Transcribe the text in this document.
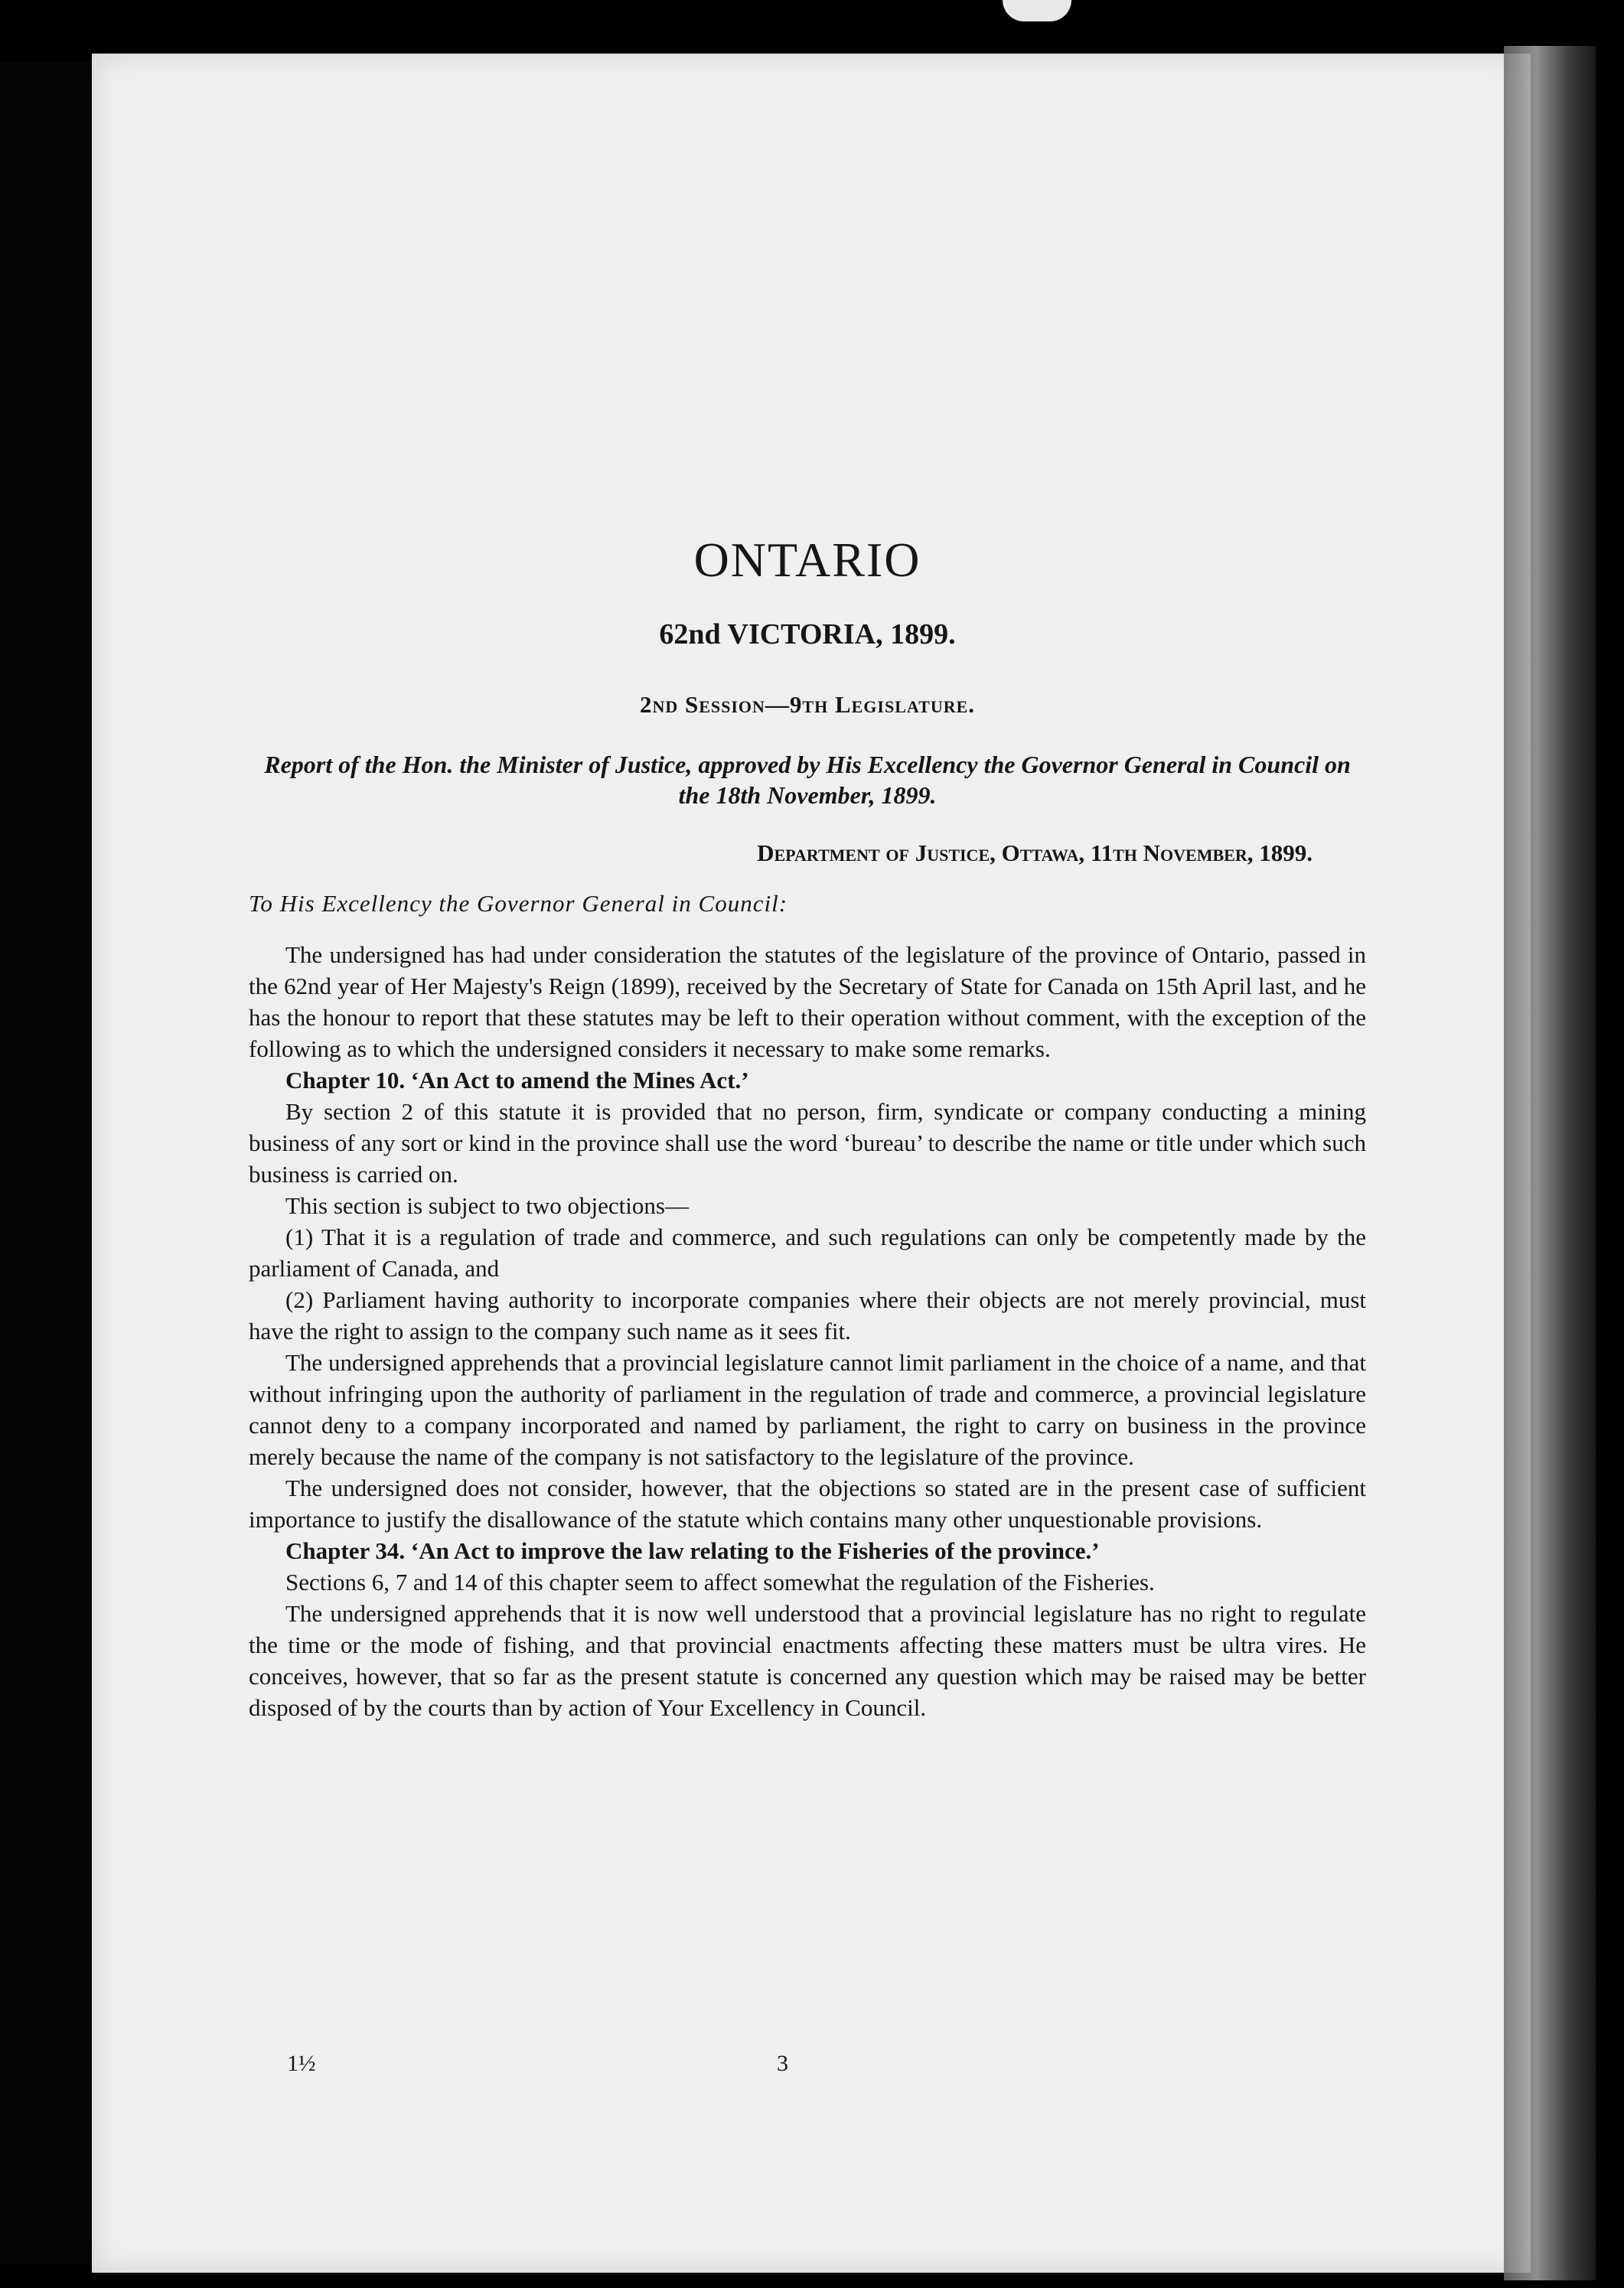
ONTARIO
62nd VICTORIA, 1899.
2nd Session—9th Legislature.
Report of the Hon. the Minister of Justice, approved by His Excellency the Governor General in Council on the 18th November, 1899.
Department of Justice, Ottawa, 11th November, 1899.
To His Excellency the Governor General in Council:

The undersigned has had under consideration the statutes of the legislature of the province of Ontario, passed in the 62nd year of Her Majesty's Reign (1899), received by the Secretary of State for Canada on 15th April last, and he has the honour to report that these statutes may be left to their operation without comment, with the exception of the following as to which the undersigned considers it necessary to make some remarks.

Chapter 10. ‘An Act to amend the Mines Act.’

By section 2 of this statute it is provided that no person, firm, syndicate or company conducting a mining business of any sort or kind in the province shall use the word ‘bureau’ to describe the name or title under which such business is carried on.

This section is subject to two objections—

(1) That it is a regulation of trade and commerce, and such regulations can only be competently made by the parliament of Canada, and

(2) Parliament having authority to incorporate companies where their objects are not merely provincial, must have the right to assign to the company such name as it sees fit.

The undersigned apprehends that a provincial legislature cannot limit parliament in the choice of a name, and that without infringing upon the authority of parliament in the regulation of trade and commerce, a provincial legislature cannot deny to a company incorporated and named by parliament, the right to carry on business in the province merely because the name of the company is not satisfactory to the legislature of the province.

The undersigned does not consider, however, that the objections so stated are in the present case of sufficient importance to justify the disallowance of the statute which contains many other unquestionable provisions.

Chapter 34. ‘An Act to improve the law relating to the Fisheries of the province.’

Sections 6, 7 and 14 of this chapter seem to affect somewhat the regulation of the Fisheries.

The undersigned apprehends that it is now well understood that a provincial legislature has no right to regulate the time or the mode of fishing, and that provincial enactments affecting these matters must be ultra vires. He conceives, however, that so far as the present statute is concerned any question which may be raised may be better disposed of by the courts than by action of Your Excellency in Council.

1½	3
